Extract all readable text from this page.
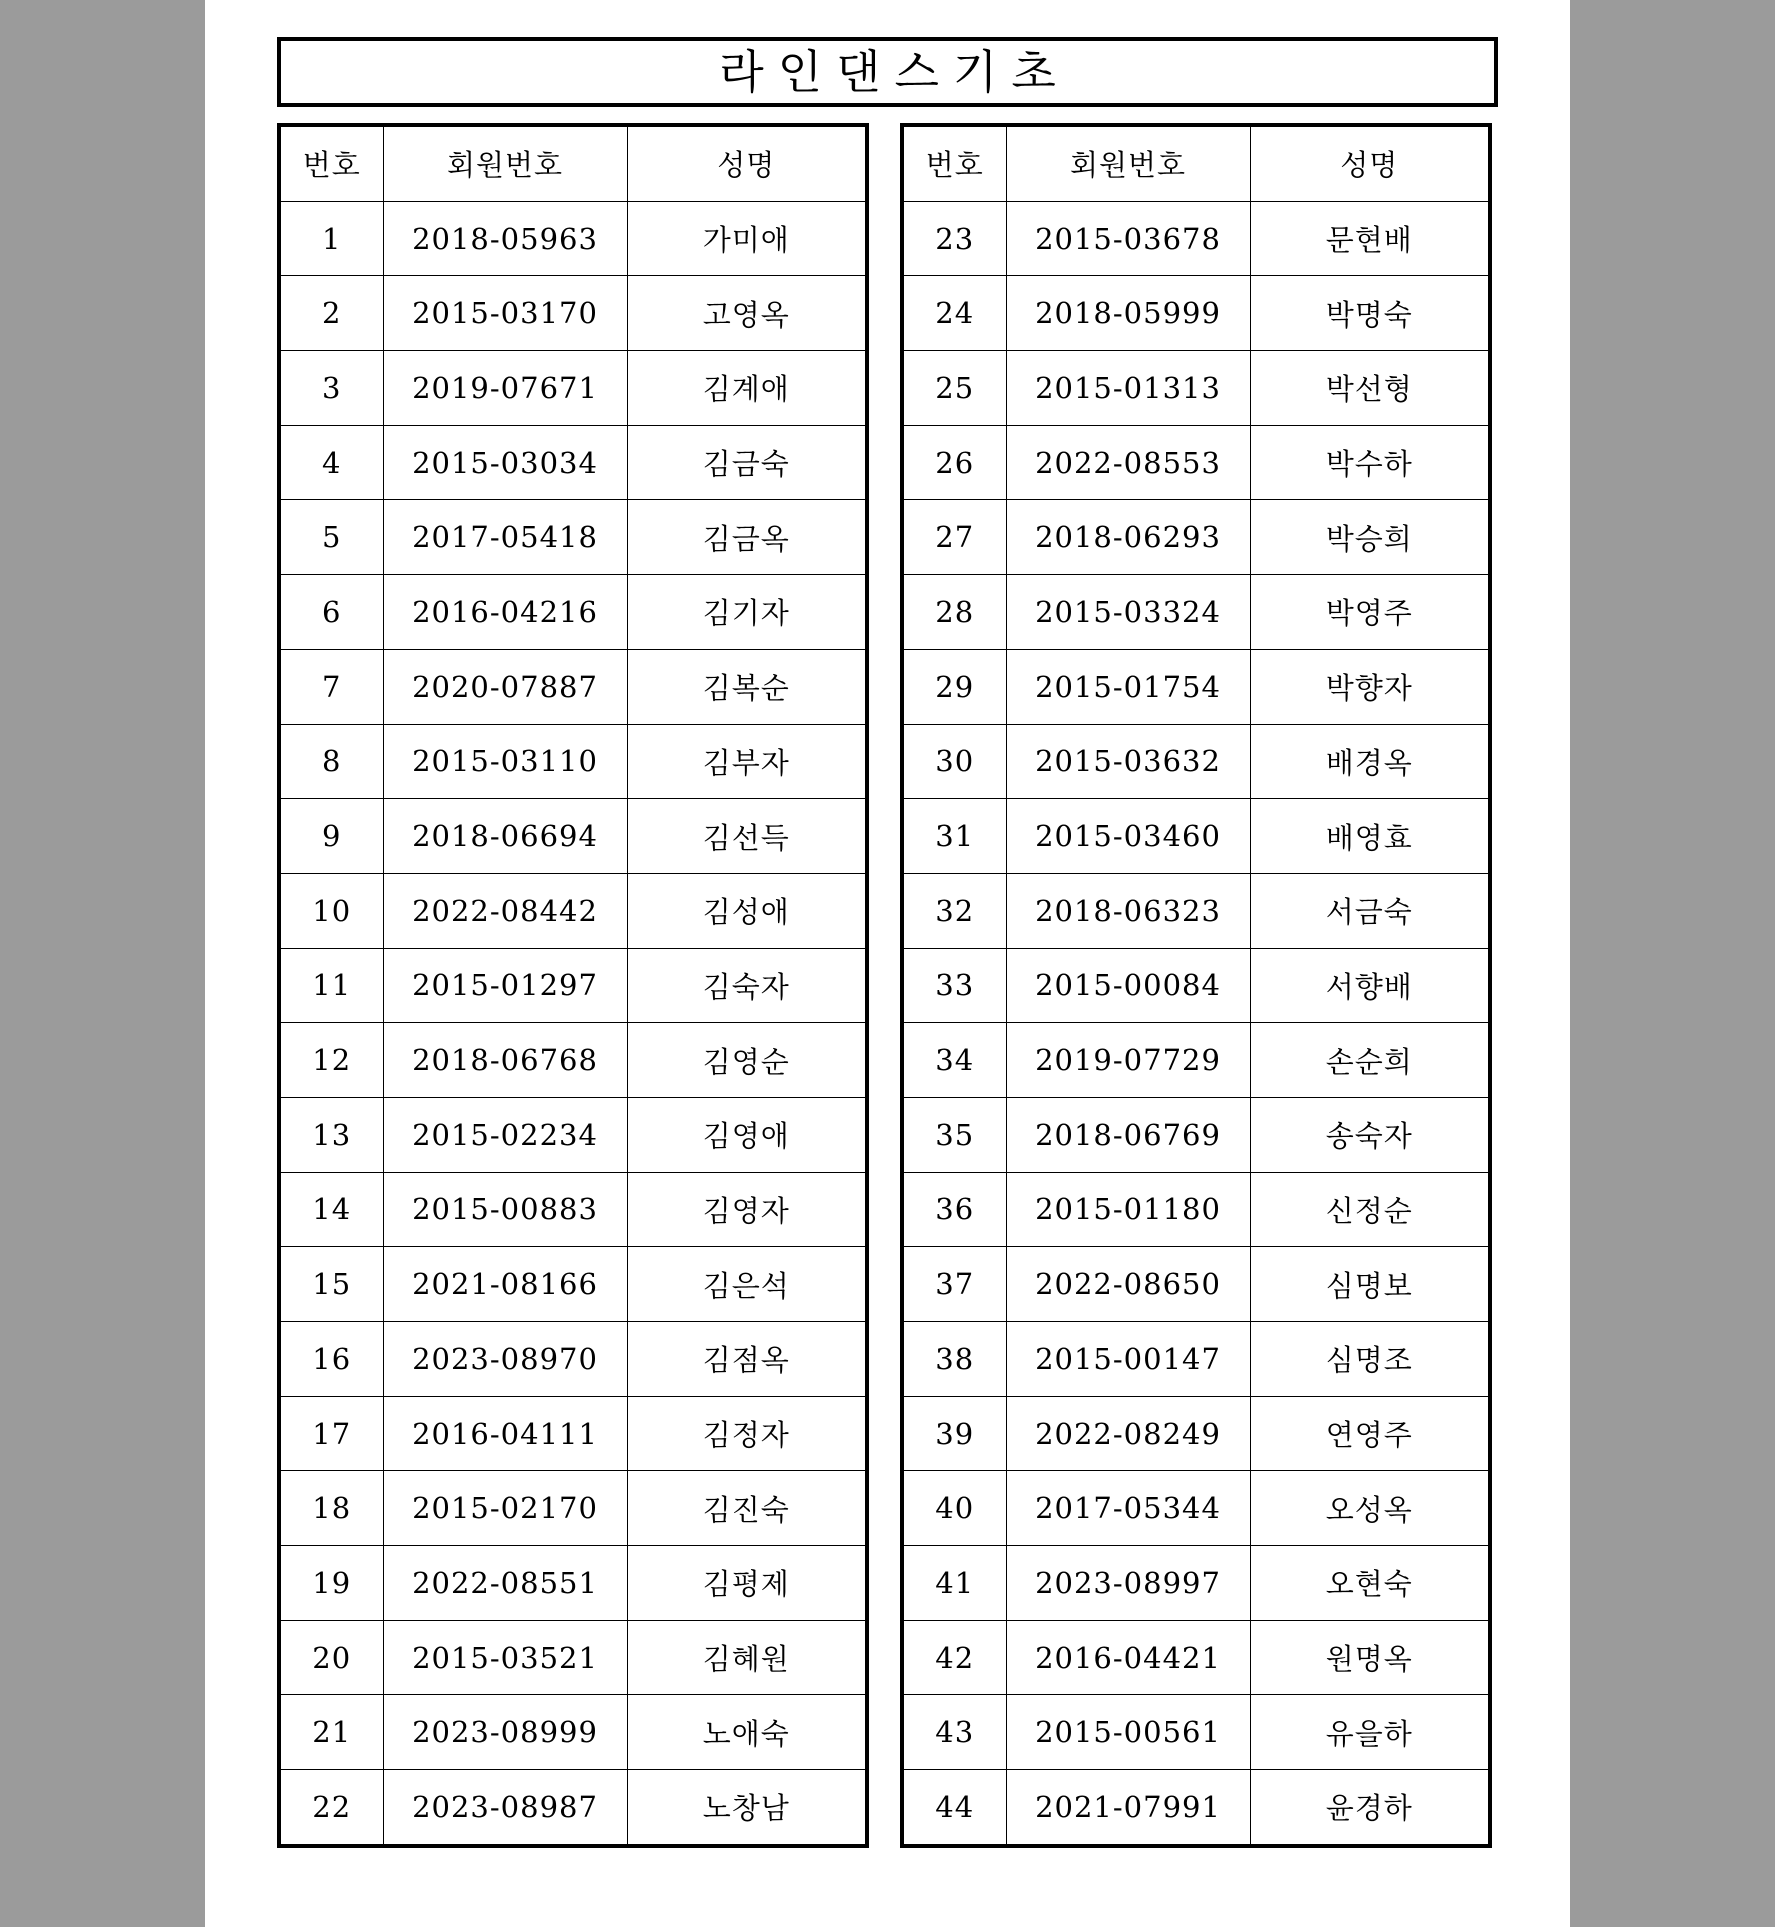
라인댄스기초
번호	회원번호	성명
1	2018-05963	가미애
2	2015-03170	고영옥
3	2019-07671	김계애
4	2015-03034	김금숙
5	2017-05418	김금옥
6	2016-04216	김기자
7	2020-07887	김복순
8	2015-03110	김부자
9	2018-06694	김선득
10	2022-08442	김성애
11	2015-01297	김숙자
12	2018-06768	김영순
13	2015-02234	김영애
14	2015-00883	김영자
15	2021-08166	김은석
16	2023-08970	김점옥
17	2016-04111	김정자
18	2015-02170	김진숙
19	2022-08551	김평제
20	2015-03521	김혜원
21	2023-08999	노애숙
22	2023-08987	노창남
번호	회원번호	성명
23	2015-03678	문현배
24	2018-05999	박명숙
25	2015-01313	박선형
26	2022-08553	박수하
27	2018-06293	박승희
28	2015-03324	박영주
29	2015-01754	박향자
30	2015-03632	배경옥
31	2015-03460	배영효
32	2018-06323	서금숙
33	2015-00084	서향배
34	2019-07729	손순희
35	2018-06769	송숙자
36	2015-01180	신정순
37	2022-08650	심명보
38	2015-00147	심명조
39	2022-08249	연영주
40	2017-05344	오성옥
41	2023-08997	오현숙
42	2016-04421	원명옥
43	2015-00561	유을하
44	2021-07991	윤경하
